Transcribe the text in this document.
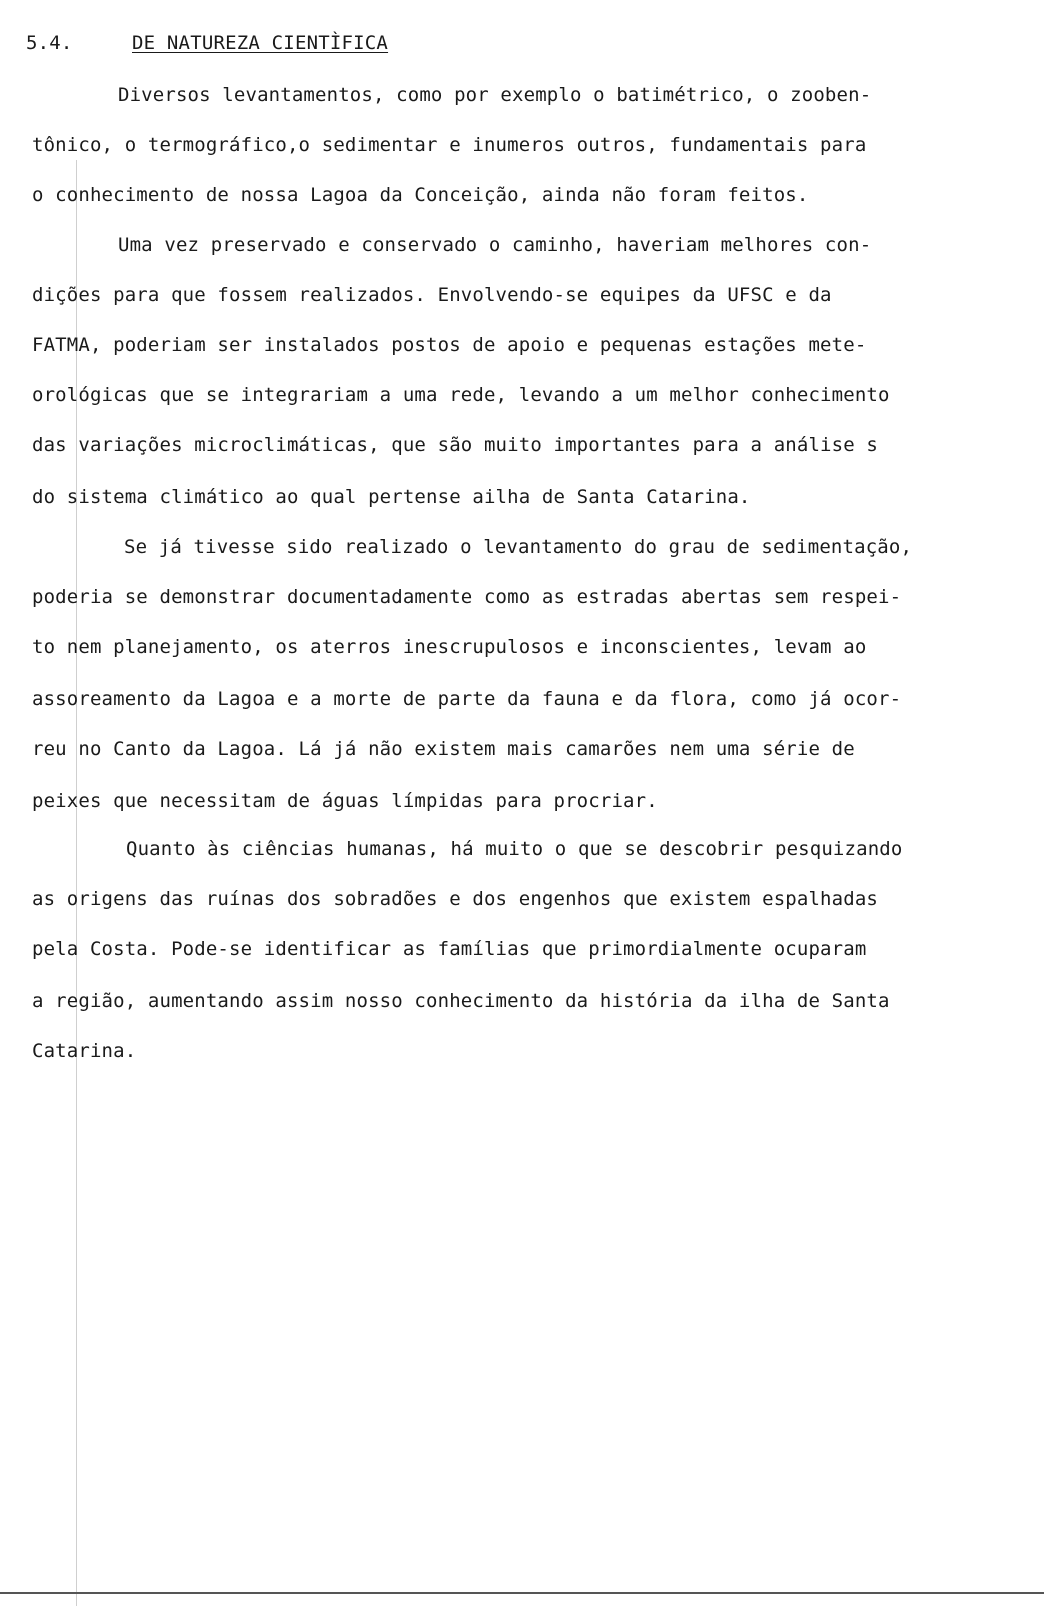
5.4.	DE NATUREZA CIENTÌFICA
Diversos levantamentos, como por exemplo o batimétrico, o zooben-
tônico, o termográfico,o sedimentar e inumeros outros, fundamentais para
o conhecimento de nossa Lagoa da Conceição, ainda não foram feitos.
Uma vez preservado e conservado o caminho, haveriam melhores con-
dições para que fossem realizados. Envolvendo-se equipes da UFSC e da
FATMA, poderiam ser instalados postos de apoio e pequenas estações mete-
orológicas que se integrariam a uma rede, levando a um melhor conhecimento
das variações microclimáticas, que são muito importantes para a análise s
do sistema climático ao qual pertense ailha de Santa Catarina.
Se já tivesse sido realizado o levantamento do grau de sedimentação,
poderia se demonstrar documentadamente como as estradas abertas sem respei-
to nem planejamento, os aterros inescrupulosos e inconscientes, levam ao
assoreamento da Lagoa e a morte de parte da fauna e da flora, como já ocor-
reu no Canto da Lagoa. Lá já não existem mais camarões nem uma série de
peixes que necessitam de águas límpidas para procriar.
Quanto às ciências humanas, há muito o que se descobrir pesquizando
as origens das ruínas dos sobradões e dos engenhos que existem espalhadas
pela Costa. Pode-se identificar as famílias que primordialmente ocuparam
a região, aumentando assim nosso conhecimento da história da ilha de Santa
Catarina.
